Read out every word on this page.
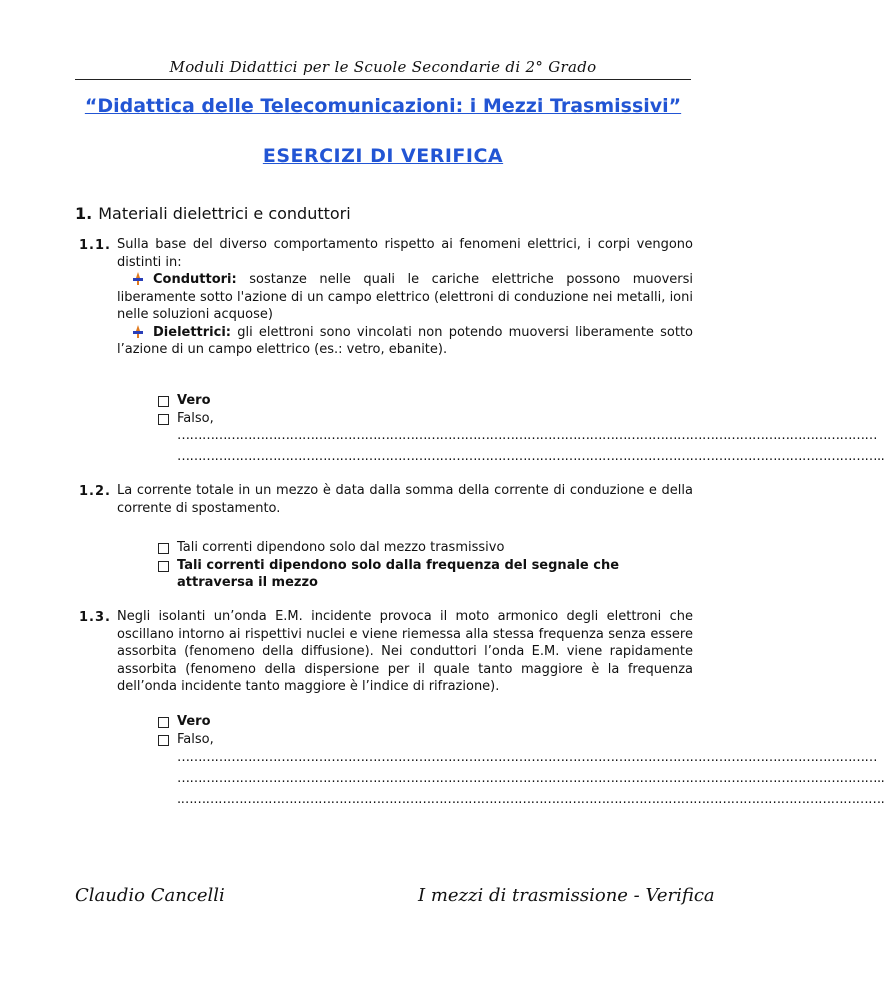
Moduli Didattici per le Scuole Secondarie di 2° Grado
“Didattica delle Telecomunicazioni: i Mezzi Trasmissivi”
ESERCIZI DI VERIFICA
1. Materiali dielettrici e conduttori
1.1. Sulla base del diverso comportamento rispetto ai fenomeni elettrici, i corpi vengono distinti in:
Conduttori: sostanze nelle quali le cariche elettriche possono muoversi liberamente sotto l'azione di un campo elettrico (elettroni di conduzione nei metalli, ioni nelle soluzioni acquose)
Dielettrici: gli elettroni sono vincolati non potendo muoversi liberamente sotto l’azione di un campo elettrico (es.: vetro, ebanite).
Vero
Falso,
……………………………………………………………………………………………………………………………………………………
……………………………………………………………………………………………………………………………………………………..
1.2. La corrente totale in un mezzo è data dalla somma della corrente di conduzione e della corrente di spostamento.
Tali correnti dipendono solo dal mezzo trasmissivo
Tali correnti dipendono solo dalla frequenza del segnale che attraversa il mezzo
1.3. Negli isolanti un’onda E.M. incidente provoca il moto armonico degli elettroni che oscillano intorno ai rispettivi nuclei e viene riemessa alla stessa frequenza senza essere assorbita (fenomeno della diffusione). Nei conduttori l’onda E.M. viene rapidamente assorbita (fenomeno della dispersione per il quale tanto maggiore è la frequenza dell’onda incidente tanto maggiore è l’indice di rifrazione).
Vero
Falso,
……………………………………………………………………………………………………………………………………………………
……………………………………………………………………………………………………………………………………………………..
.…………………………………………………………………………………………………………………………………………………….
Claudio Cancelli	I mezzi di trasmissione - Verifica
